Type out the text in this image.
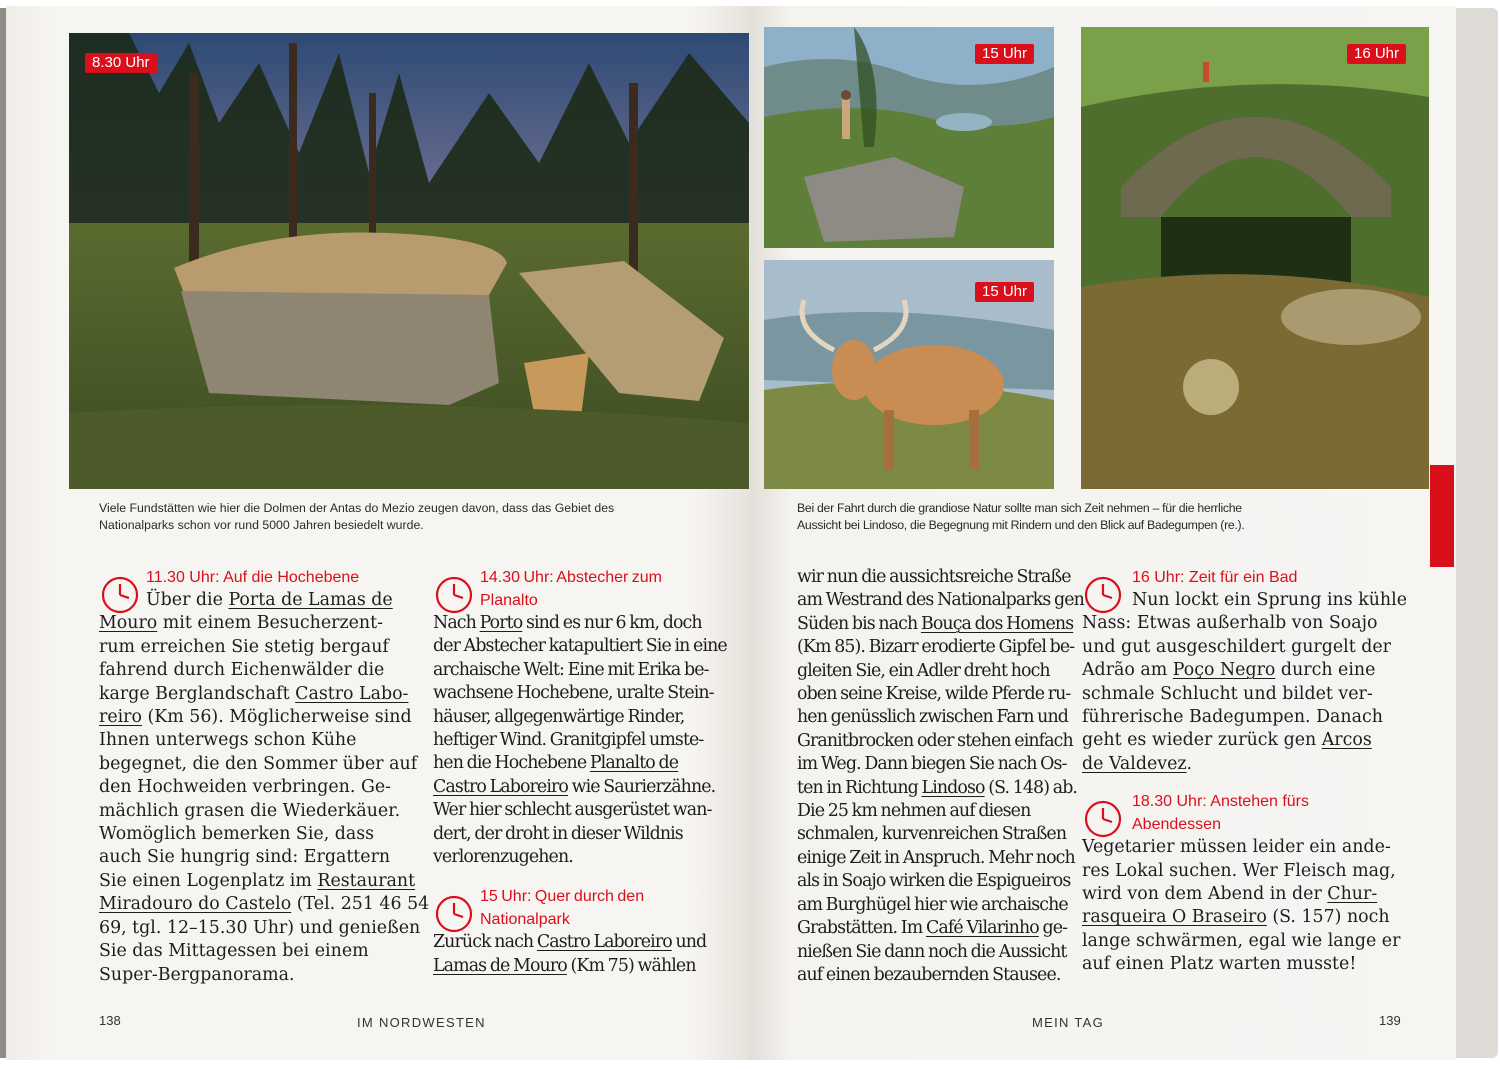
8.30 Uhr
Viele Fundstätten wie hier die Dolmen der Antas do Mezio zeugen davon, dass das Gebiet des
Nationalparks schon vor rund 5000 Jahren besiedelt wurde.

11.30 Uhr: Auf die Hochebene

Über die Porta de Lamas de
Mouro mit einem Besucherzent-
rum erreichen Sie stetig bergauf
fahrend durch Eichenwälder die
karge Berglandschaft Castro Labo-
reiro (Km 56). Möglicherweise sind
Ihnen unterwegs schon Kühe
begegnet, die den Sommer über auf
den Hochweiden verbringen. Ge-
mächlich grasen die Wiederkäuer.
Womöglich bemerken Sie, dass
auch Sie hungrig sind: Ergattern
Sie einen Logenplatz im Restaurant
Miradouro do Castelo (Tel. 251 46 54
69, tgl. 12–15.30 Uhr) und genießen
Sie das Mittagessen bei einem
Super-Bergpanorama.

14.30 Uhr: Abstecher zum

Planalto

Nach Porto sind es nur 6 km, doch
der Abstecher katapultiert Sie in eine
archaische Welt: Eine mit Erika be-
wachsene Hochebene, uralte Stein-
häuser, allgegenwärtige Rinder,
heftiger Wind. Granitgipfel umste-
hen die Hochebene Planalto de
Castro Laboreiro wie Saurierzähne.
Wer hier schlecht ausgerüstet wan-
dert, der droht in dieser Wildnis
verlorenzugehen.

15 Uhr: Quer durch den

Nationalpark

Zurück nach Castro Laboreiro und
Lamas de Mouro (Km 75) wählen
138	IM NORDWESTEN
15 Uhr
15 Uhr
16 Uhr
Bei der Fahrt durch die grandiose Natur sollte man sich Zeit nehmen – für die herrliche
Aussicht bei Lindoso, die Begegnung mit Rindern und den Blick auf Badegumpen (re.).
wir nun die aussichtsreiche Straße
am Westrand des Nationalparks gen
Süden bis nach Bouça dos Homens
(Km 85). Bizarr erodierte Gipfel be-
gleiten Sie, ein Adler dreht hoch
oben seine Kreise, wilde Pferde ru-
hen genüsslich zwischen Farn und
Granitbrocken oder stehen einfach
im Weg. Dann biegen Sie nach Os-
ten in Richtung Lindoso (S. 148) ab.
Die 25 km nehmen auf diesen
schmalen, kurvenreichen Straßen
einige Zeit in Anspruch. Mehr noch
als in Soajo wirken die Espigueiros
am Burghügel hier wie archaische
Grabstätten. Im Café Vilarinho ge-
nießen Sie dann noch die Aussicht
auf einen bezaubernden Stausee.

16 Uhr: Zeit für ein Bad

Nun lockt ein Sprung ins kühle
Nass: Etwas außerhalb von Soajo
und gut ausgeschildert gurgelt der
Adrão am Poço Negro durch eine
schmale Schlucht und bildet ver-
führerische Badegumpen. Danach
geht es wieder zurück gen Arcos
de Valdevez.

18.30 Uhr: Anstehen fürs

Abendessen

Vegetarier müssen leider ein ande-
res Lokal suchen. Wer Fleisch mag,
wird von dem Abend in der Chur-
rasqueira O Braseiro (S. 157) noch
lange schwärmen, egal wie lange er
auf einen Platz warten musste!
MEIN TAG	139
